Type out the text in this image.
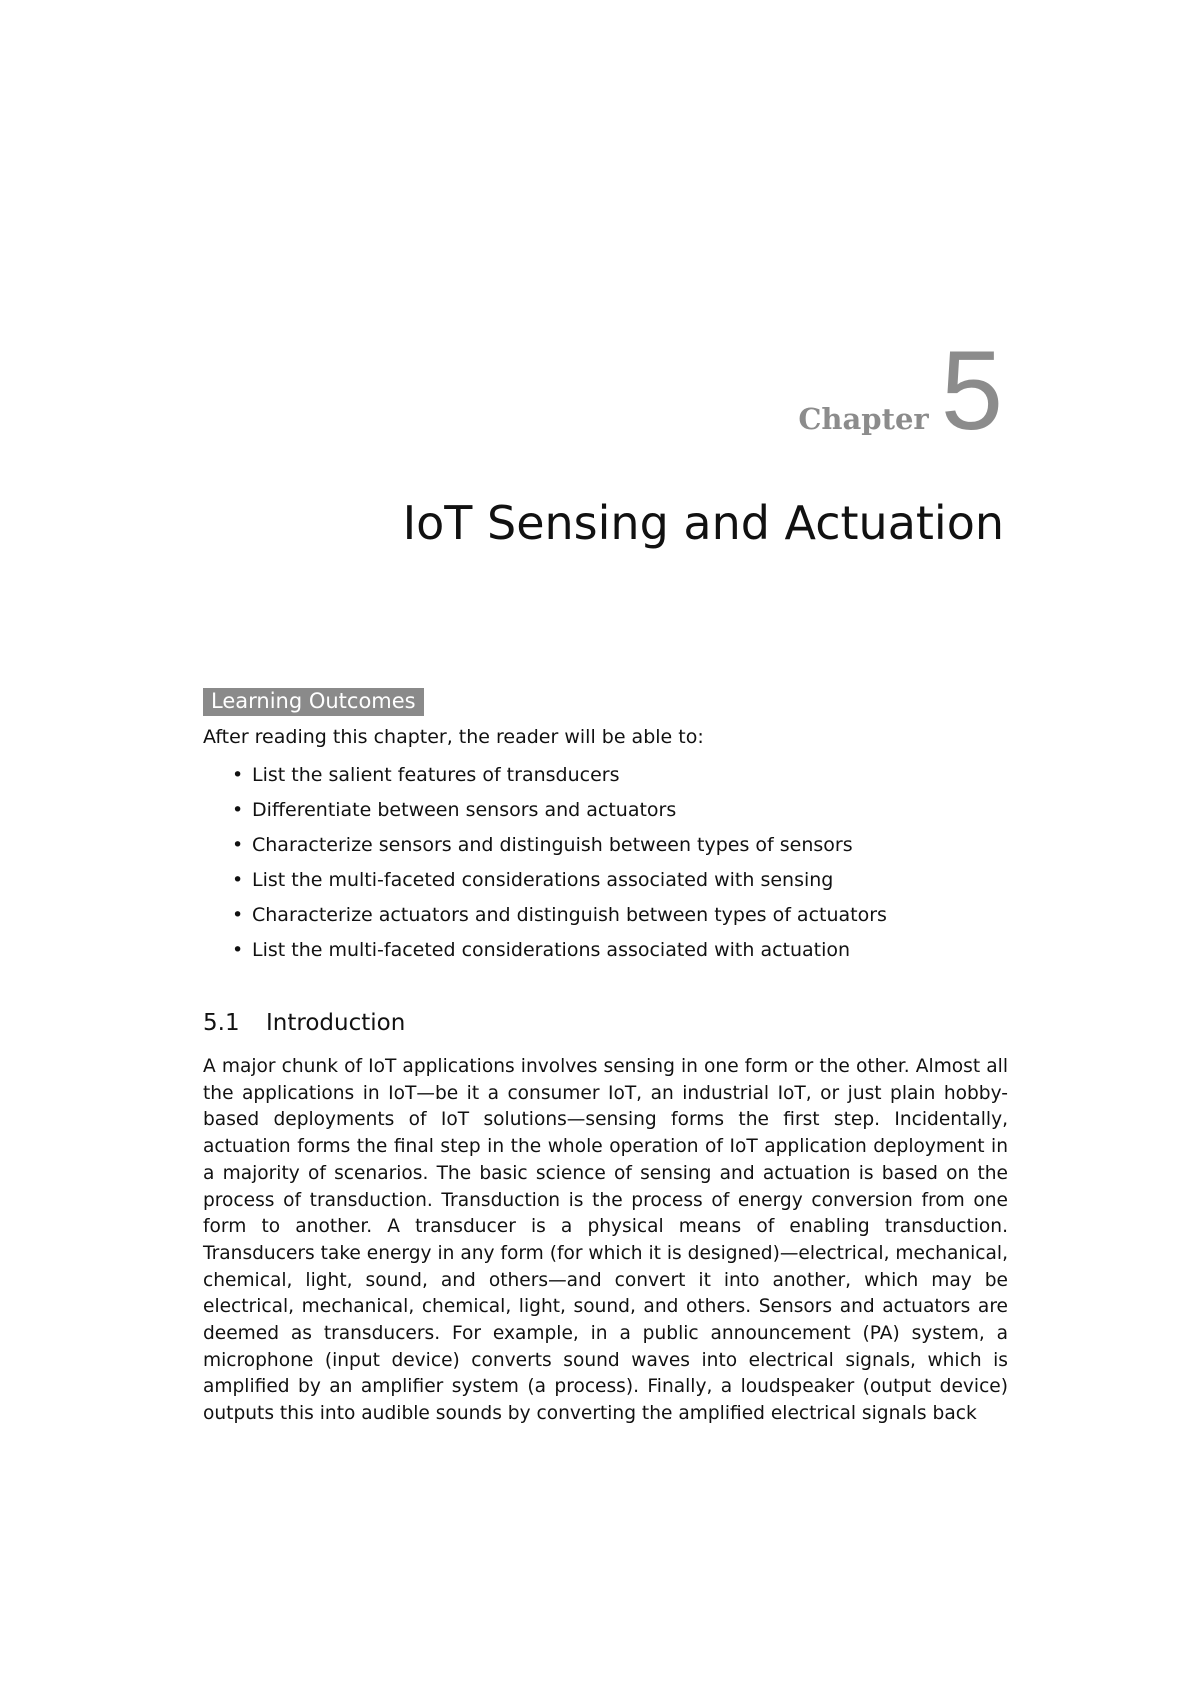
Chapter 5
IoT Sensing and Actuation
Learning Outcomes

After reading this chapter, the reader will be able to:

• List the salient features of transducers
• Differentiate between sensors and actuators
• Characterize sensors and distinguish between types of sensors
• List the multi-faceted considerations associated with sensing
• Characterize actuators and distinguish between types of actuators
• List the multi-faceted considerations associated with actuation
5.1	Introduction

A major chunk of IoT applications involves sensing in one form or the other. Almost all the applications in IoT—be it a consumer IoT, an industrial IoT, or just plain hobby-based deployments of IoT solutions—sensing forms the first step. Incidentally, actuation forms the final step in the whole operation of IoT application deployment in a majority of scenarios. The basic science of sensing and actuation is based on the process of transduction. Transduction is the process of energy conversion from one form to another. A transducer is a physical means of enabling transduction. Transducers take energy in any form (for which it is designed)—electrical, mechanical, chemical, light, sound, and others—and convert it into another, which may be electrical, mechanical, chemical, light, sound, and others. Sensors and actuators are deemed as transducers. For example, in a public announcement (PA) system, a microphone (input device) converts sound waves into electrical signals, which is amplified by an amplifier system (a process). Finally, a loudspeaker (output device) outputs this into audible sounds by converting the amplified electrical signals back
